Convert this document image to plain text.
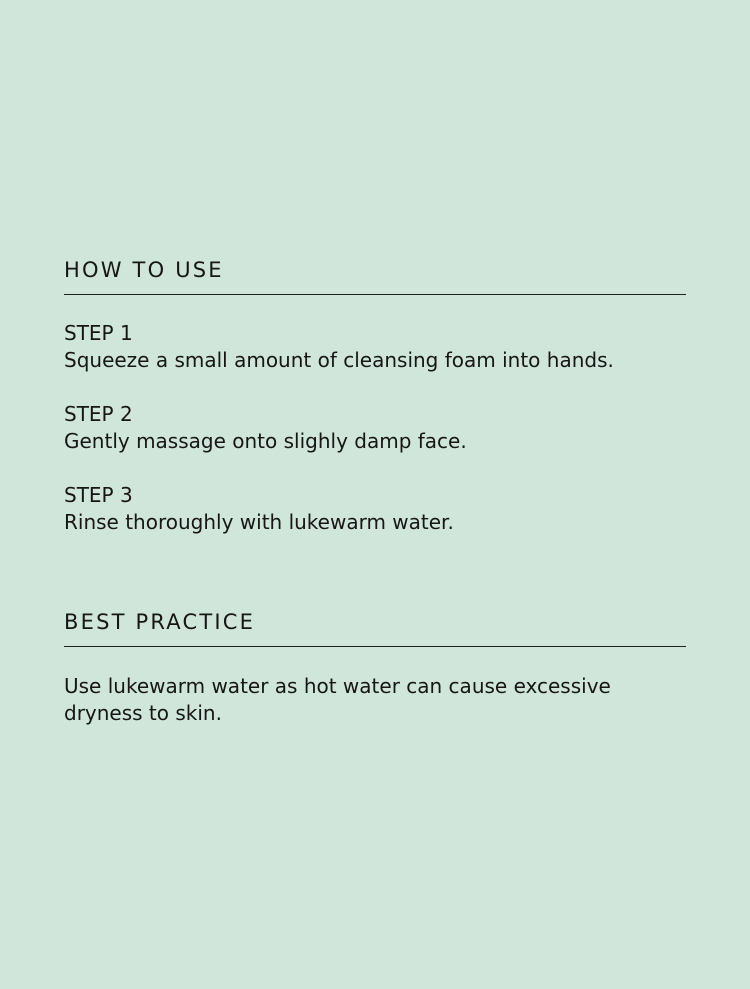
HOW TO USE
STEP 1
Squeeze a small amount of cleansing foam into hands.
STEP 2
Gently massage onto slighly damp face.
STEP 3
Rinse thoroughly with lukewarm water.
BEST PRACTICE

Use lukewarm water as hot water can cause excessive dryness to skin.
